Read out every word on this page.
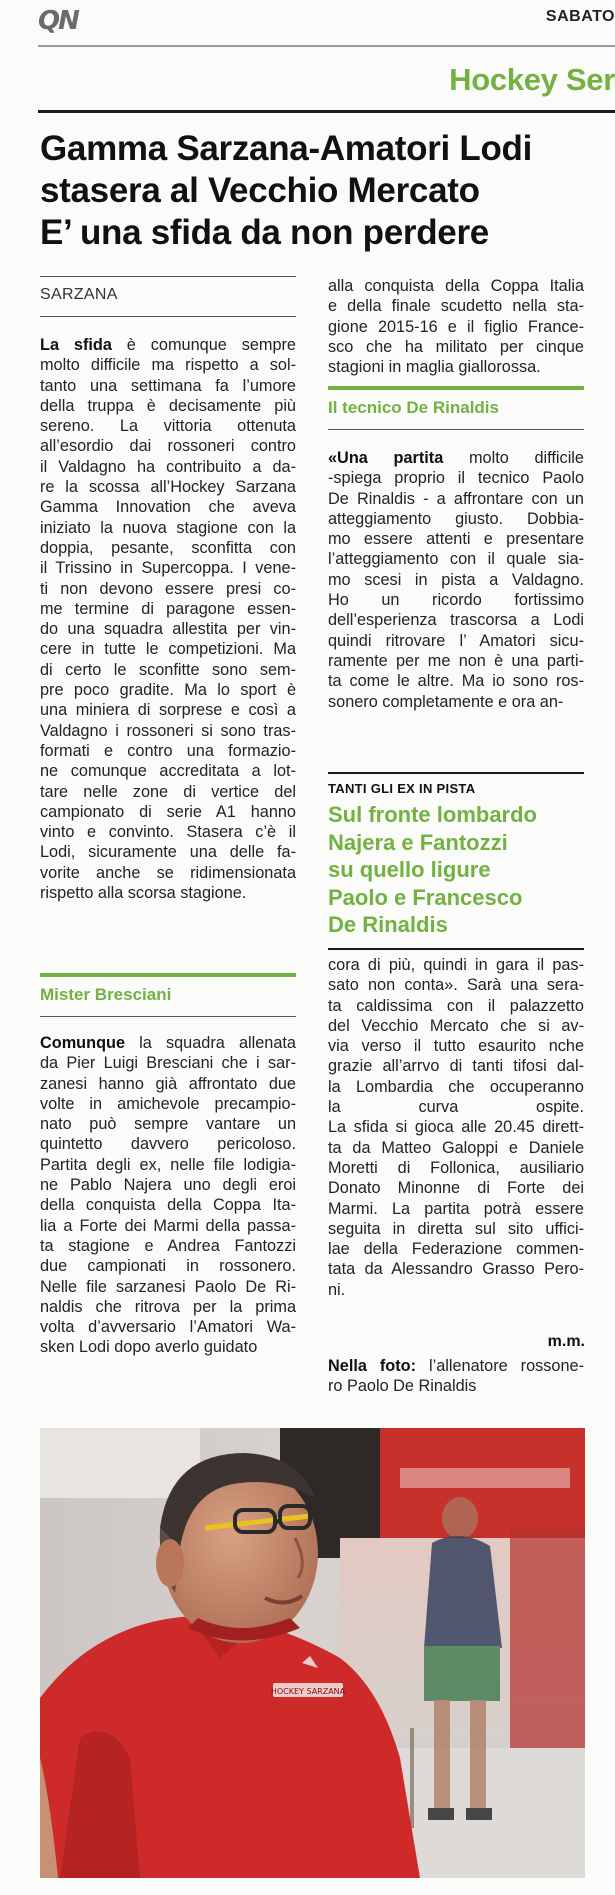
QN	SABATO
Hockey Ser
Gamma Sarzana-Amatori Lodi
stasera al Vecchio Mercato
E’ una sfida da non perdere
SARZANA

La sfida è comunque sempre

molto difficile ma rispetto a sol-

tanto una settimana fa l’umore

della truppa è decisamente più

sereno. La vittoria ottenuta

all’esordio dai rossoneri contro

il Valdagno ha contribuito a da-

re la scossa all’Hockey Sarzana

Gamma Innovation che aveva

iniziato la nuova stagione con la

doppia, pesante, sconfitta con

il Trissino in Supercoppa. I vene-

ti non devono essere presi co-

me termine di paragone essen-

do una squadra allestita per vin-

cere in tutte le competizioni. Ma

di certo le sconfitte sono sem-

pre poco gradite. Ma lo sport è

una miniera di sorprese e così a

Valdagno i rossoneri si sono tras-

formati e contro una formazio-

ne comunque accreditata a lot-

tare nelle zone di vertice del

campionato di serie A1 hanno

vinto e convinto. Stasera c’è il

Lodi, sicuramente una delle fa-

vorite anche se ridimensionata

rispetto alla scorsa stagione.

Mister Bresciani

Comunque la squadra allenata

da Pier Luigi Bresciani che i sar-

zanesi hanno già affrontato due

volte in amichevole precampio-

nato può sempre vantare un

quintetto davvero pericoloso.

Partita degli ex, nelle file lodigia-

ne Pablo Najera uno degli eroi

della conquista della Coppa Ita-

lia a Forte dei Marmi della passa-

ta stagione e Andrea Fantozzi

due campionati in rossonero.

Nelle file sarzanesi Paolo De Ri-

naldis che ritrova per la prima

volta d’avversario l’Amatori Wa-

sken Lodi dopo averlo guidato

alla conquista della Coppa Italia

e della finale scudetto nella sta-

gione 2015-16 e il figlio France-

sco che ha militato per cinque

stagioni in maglia giallorossa.

Il tecnico De Rinaldis

«Una partita molto difficile

-spiega proprio il tecnico Paolo

De Rinaldis - a affrontare con un

atteggiamento giusto. Dobbia-

mo essere attenti e presentare

l’atteggiamento con il quale sia-

mo scesi in pista a Valdagno.

Ho un ricordo fortissimo

dell’esperienza trascorsa a Lodi

quindi ritrovare l’ Amatori sicu-

ramente per me non è una parti-

ta come le altre. Ma io sono ros-

sonero completamente e ora an-

TANTI GLI EX IN PISTA
Sul fronte lombardo
Najera e Fantozzi
su quello ligure
Paolo e Francesco
De Rinaldis

cora di più, quindi in gara il pas-

sato non conta». Sarà una sera-

ta caldissima con il palazzetto

del Vecchio Mercato che si av-

via verso il tutto esaurito nche

grazie all’arrvo di tanti tifosi dal-

la Lombardia che occuperanno

la curva ospite.

La sfida si gioca alle 20.45 dirett-

ta da Matteo Galoppi e Daniele

Moretti di Follonica, ausiliario

Donato Minonne di Forte dei

Marmi. La partita potrà essere

seguita in diretta sul sito uffici-

lae della Federazione commen-

tata da Alessandro Grasso Pero-

ni.

m.m.

Nella foto: l’allenatore rossone-

ro Paolo De Rinaldis

HOCKEY SARZANA
